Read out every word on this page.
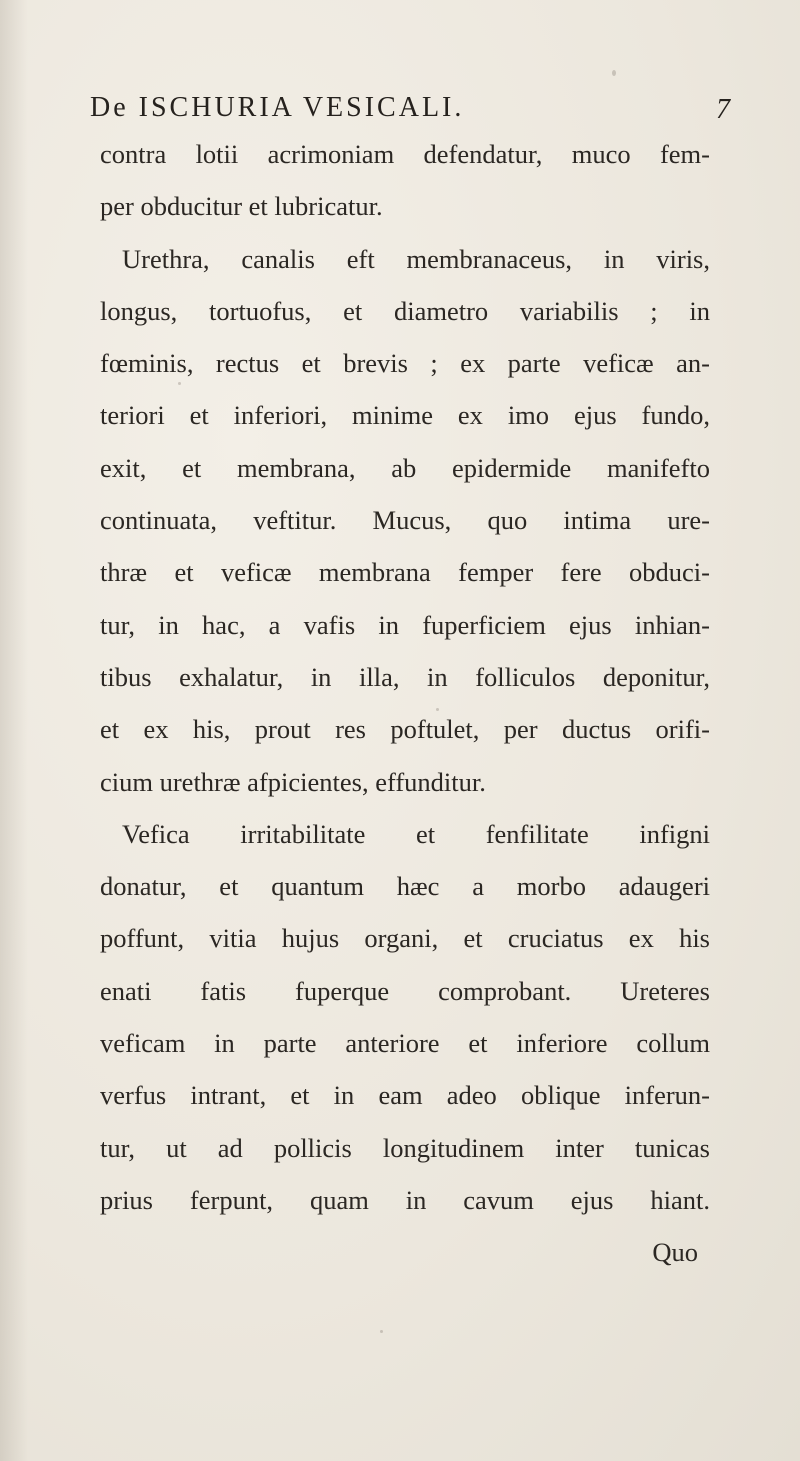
De ISCHURIA VESICALI.	7
contra lotii acrimoniam defendatur, muco fem-
per obducitur et lubricatur.
Urethra, canalis eft membranaceus, in viris,
longus, tortuofus, et diametro variabilis ; in
fœminis, rectus et brevis ; ex parte veficæ an-
teriori et inferiori, minime ex imo ejus fundo,
exit, et membrana, ab epidermide manifefto
continuata, veftitur. Mucus, quo intima ure-
thræ et veficæ membrana femper fere obduci-
tur, in hac, a vafis in fuperficiem ejus inhian-
tibus exhalatur, in illa, in folliculos deponitur,
et ex his, prout res poftulet, per ductus orifi-
cium urethræ afpicientes, effunditur.
Vefica irritabilitate et fenfilitate infigni
donatur, et quantum hæc a morbo adaugeri
poffunt, vitia hujus organi, et cruciatus ex his
enati fatis fuperque comprobant. Ureteres
veficam in parte anteriore et inferiore collum
verfus intrant, et in eam adeo oblique inferun-
tur, ut ad pollicis longitudinem inter tunicas
prius ferpunt, quam in cavum ejus hiant.
Quo
